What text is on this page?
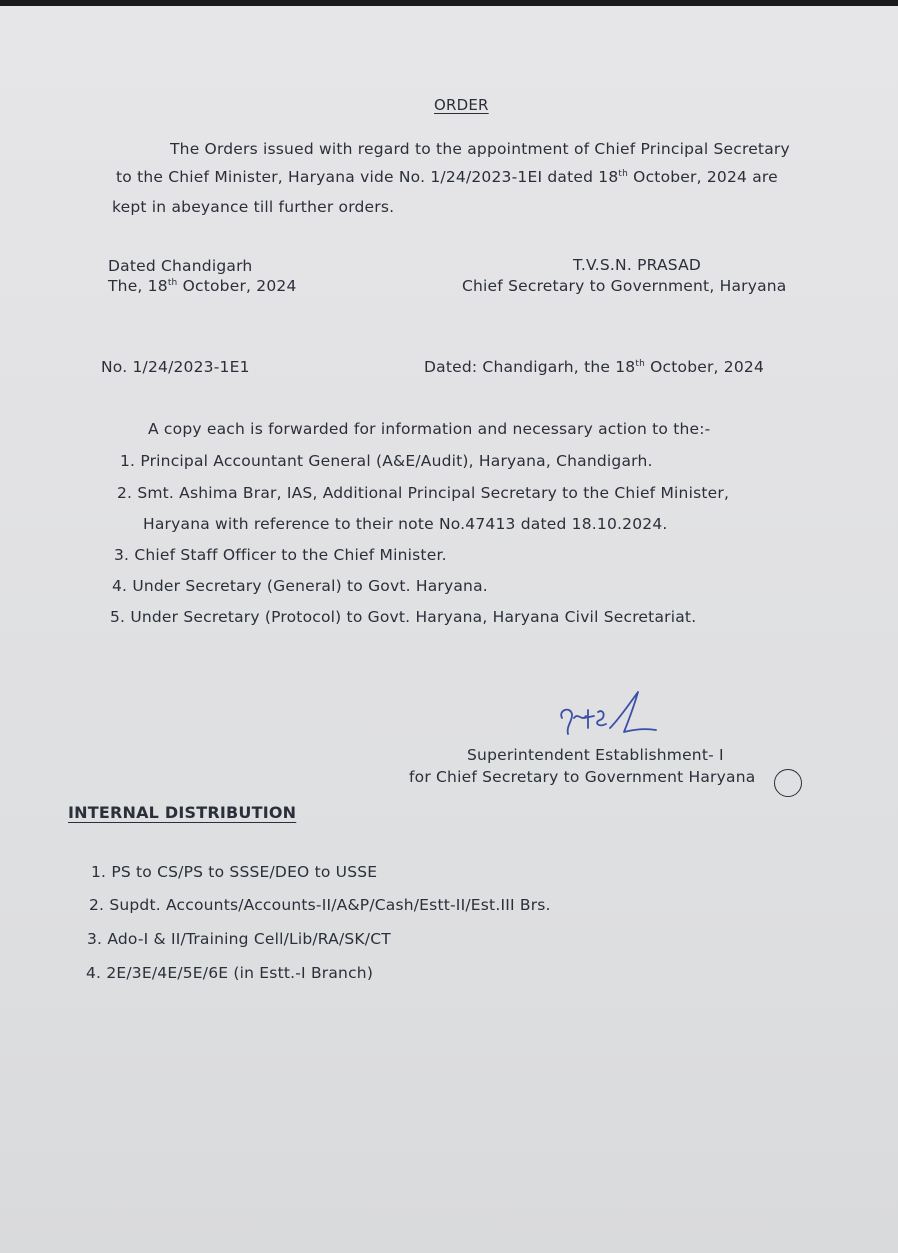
ORDER
The Orders issued with regard to the appointment of Chief Principal Secretary
to the Chief Minister, Haryana vide No. 1/24/2023-1EI dated 18th October, 2024 are
kept in abeyance till further orders.
Dated Chandigarh
The, 18th October, 2024
T.V.S.N. PRASAD
Chief Secretary to Government, Haryana
No. 1/24/2023-1E1	Dated: Chandigarh, the 18th October, 2024
A copy each is forwarded for information and necessary action to the:-
1. Principal Accountant General (A&E/Audit), Haryana, Chandigarh.
2. Smt. Ashima Brar, IAS, Additional Principal Secretary to the Chief Minister,
Haryana with reference to their note No.47413 dated 18.10.2024.
3. Chief Staff Officer to the Chief Minister.
4. Under Secretary (General) to Govt. Haryana.
5. Under Secretary (Protocol) to Govt. Haryana, Haryana Civil Secretariat.
Superintendent Establishment- I
for Chief Secretary to Government Haryana
INTERNAL DISTRIBUTION
1. PS to CS/PS to SSSE/DEO to USSE
2. Supdt. Accounts/Accounts-II/A&P/Cash/Estt-II/Est.III Brs.
3. Ado-I & II/Training Cell/Lib/RA/SK/CT
4. 2E/3E/4E/5E/6E (in Estt.-I Branch)
